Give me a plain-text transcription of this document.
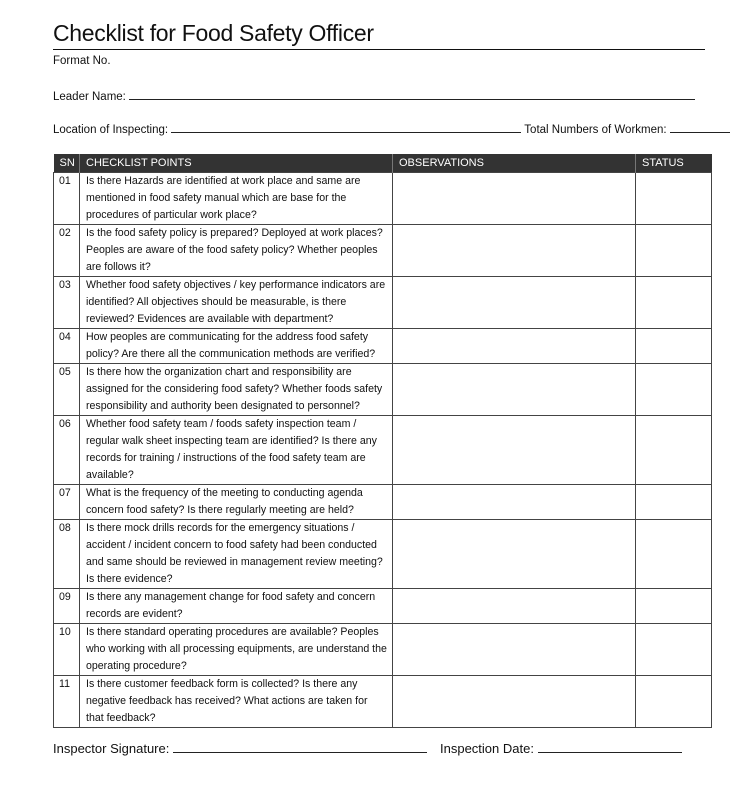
Checklist for Food Safety Officer
Format No.
Leader Name:
Location of Inspecting:	Total Numbers of Workmen:
SN	CHECKLIST POINTS	OBSERVATIONS	STATUS
01	Is there Hazards are identified at work place and same are mentioned in food safety manual which are base for the procedures of particular work place?		
02	Is the food safety policy is prepared? Deployed at work places? Peoples are aware of the food safety policy? Whether peoples are follows it?		
03	Whether food safety objectives / key performance indicators are identified? All objectives should be measurable, is there reviewed? Evidences are available with department?		
04	How peoples are communicating for the address food safety policy? Are there all the communication methods are verified?		
05	Is there how the organization chart and responsibility are assigned for the considering food safety? Whether foods safety responsibility and authority been designated to personnel?		
06	Whether food safety team / foods safety inspection team / regular walk sheet inspecting team are identified? Is there any records for training / instructions of the food safety team are available?		
07	What is the frequency of the meeting to conducting agenda concern food safety? Is there regularly meeting are held?		
08	Is there mock drills records for the emergency situations / accident / incident concern to food safety had been conducted and same should be reviewed in management review meeting? Is there evidence?		
09	Is there any management change for food safety and concern records are evident?		
10	Is there standard operating procedures are available? Peoples who working with all processing equipments, are understand the operating procedure?		
11	Is there customer feedback form is collected? Is there any negative feedback has received? What actions are taken for that feedback?		
Inspector Signature:	Inspection Date:
